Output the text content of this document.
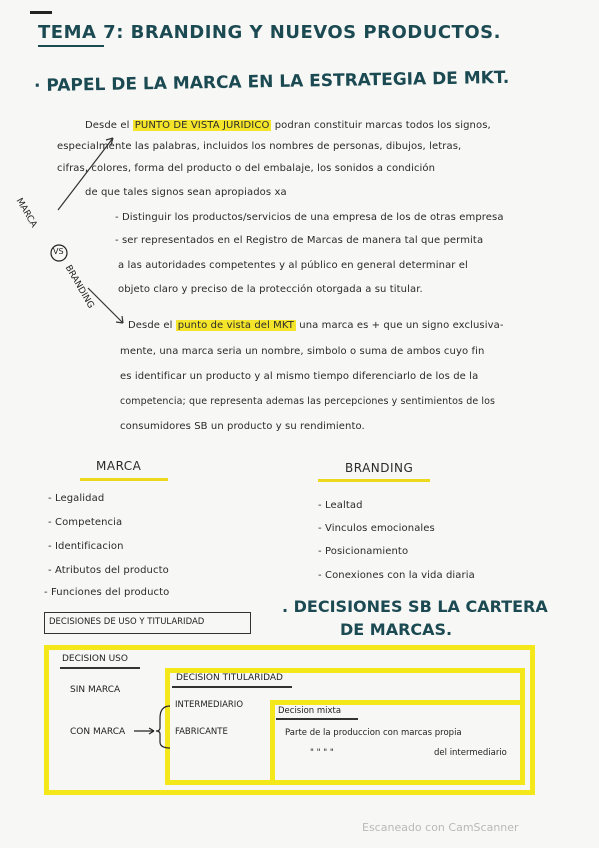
TEMA 7: BRANDING Y NUEVOS PRODUCTOS.
· PAPEL DE LA MARCA EN LA ESTRATEGIA DE MKT.
MARCA
VS
BRANDING
Desde el PUNTO DE VISTA JURIDICO podran constituir marcas todos los signos,
especialmente las palabras, incluidos los nombres de personas, dibujos, letras,
cifras, colores, forma del producto o del embalaje, los sonidos a condición
de que tales signos sean apropiados xa
- Distinguir los productos/servicios de una empresa de los de otras empresa
- ser representados en el Registro de Marcas de manera tal que permita
a las autoridades competentes y al público en general determinar el
objeto claro y preciso de la protección otorgada a su titular.
Desde el punto de vista del MKT una marca es + que un signo exclusiva-
mente, una marca seria un nombre, simbolo o suma de ambos cuyo fin
es identificar un producto y al mismo tiempo diferenciarlo de los de la
competencia; que representa ademas las percepciones y sentimientos de los
consumidores SB un producto y su rendimiento.
MARCA	BRANDING
- Legalidad
- Competencia
- Identificacion
- Atributos del producto
- Funciones del producto
- Lealtad
- Vinculos emocionales
- Posicionamiento
- Conexiones con la vida diaria
. DECISIONES SB LA CARTERA
DE MARCAS.
DECISIONES DE USO Y TITULARIDAD
DECISION USO
SIN MARCA
DECISION TITULARIDAD
CON MARCA
INTERMEDIARIO
FABRICANTE
Decision mixta
Parte de la produccion con marcas propia
" " " "	del intermediario
Escaneado con CamScanner
